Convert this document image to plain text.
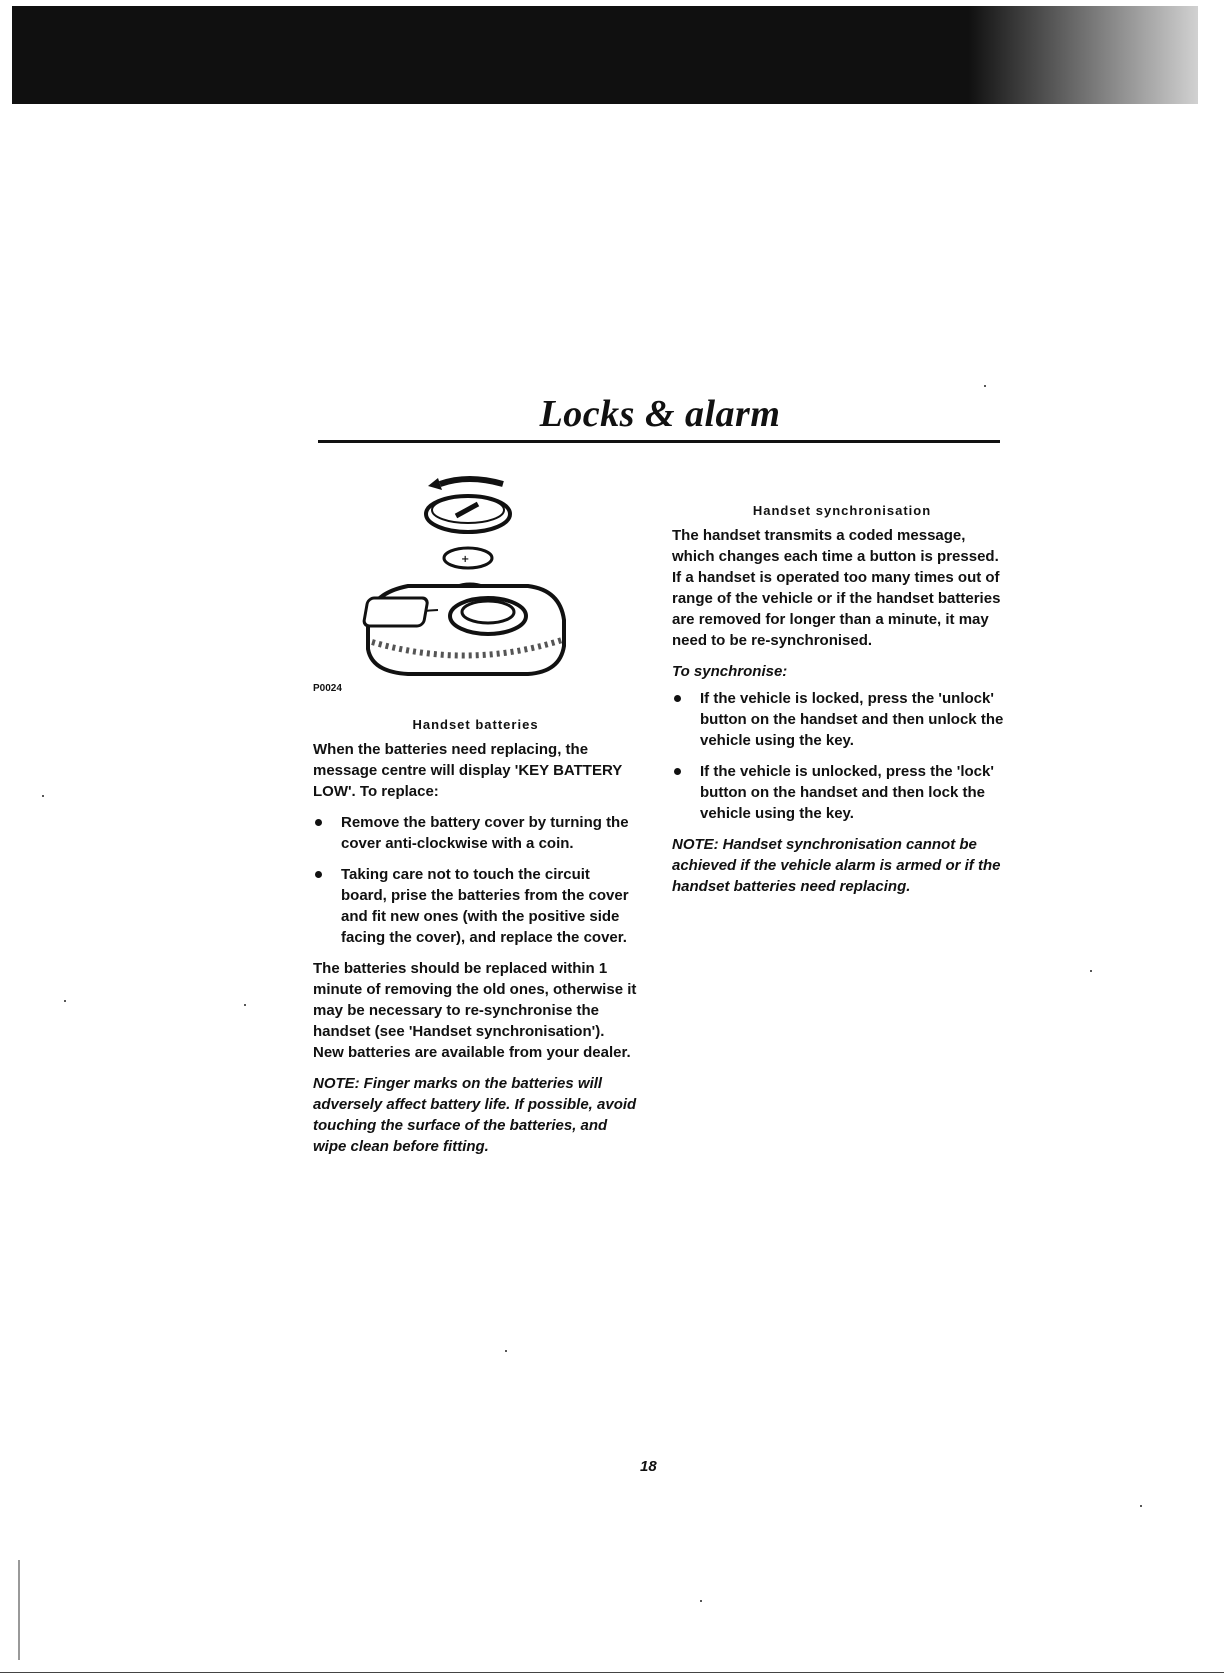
Locks & alarm
+
P0024
Handset batteries

When the batteries need replacing, the message centre will display 'KEY BATTERY LOW'. To replace:

Remove the battery cover by turning the cover anti-clockwise with a coin.
Taking care not to touch the circuit board, prise the batteries from the cover and fit new ones (with the positive side facing the cover), and replace the cover.

The batteries should be replaced within 1 minute of removing the old ones, otherwise it may be necessary to re-synchronise the handset (see 'Handset synchronisation'). New batteries are available from your dealer.

NOTE: Finger marks on the batteries will adversely affect battery life. If possible, avoid touching the surface of the batteries, and wipe clean before fitting.

Handset synchronisation

The handset transmits a coded message, which changes each time a button is pressed. If a handset is operated too many times out of range of the vehicle or if the handset batteries are removed for longer than a minute, it may need to be re-synchronised.

To synchronise:

If the vehicle is locked, press the 'unlock' button on the handset and then unlock the vehicle using the key.
If the vehicle is unlocked, press the 'lock' button on the handset and then lock the vehicle using the key.

NOTE: Handset synchronisation cannot be achieved if the vehicle alarm is armed or if the handset batteries need replacing.

18
